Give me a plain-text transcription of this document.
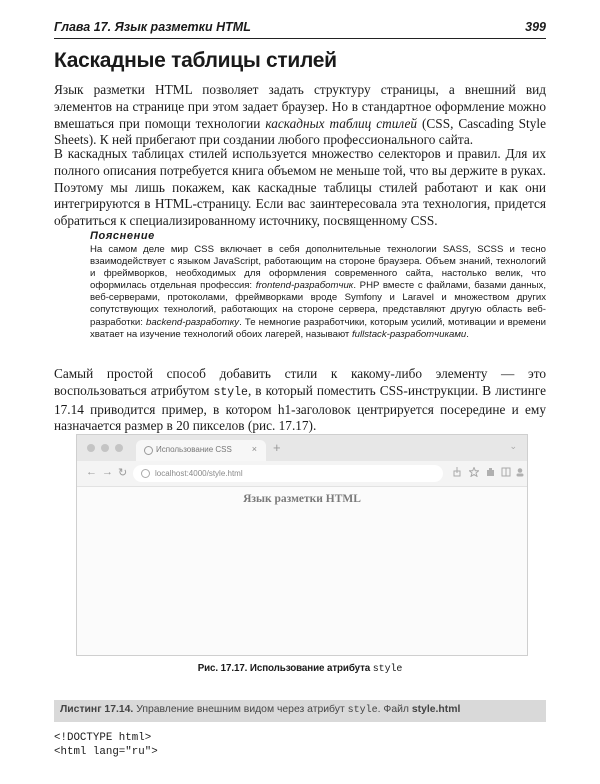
Глава 17. Язык разметки HTML	399
Каскадные таблицы стилей

Язык разметки HTML позволяет задать структуру страницы, а внешний вид элементов на странице при этом задает браузер. Но в стандартное оформление можно вмешаться при помощи технологии каскадных таблиц стилей (CSS, Cascading Style Sheets). К ней прибегают при создании любого профессионального сайта.

В каскадных таблицах стилей используется множество селекторов и правил. Для их полного описания потребуется книга объемом не меньше той, что вы держите в руках. Поэтому мы лишь покажем, как каскадные таблицы стилей работают и как они интегрируются в HTML-страницу. Если вас заинтересовала эта технология, придется обратиться к специализированному источнику, посвященному CSS.

Пояснение

На самом деле мир CSS включает в себя дополнительные технологии SASS, SCSS и тесно взаимодействует с языком JavaScript, работающим на стороне браузера. Объем знаний, технологий и фреймворков, необходимых для оформления современного сайта, настолько велик, что оформилась отдельная профессия: frontend-разработчик. PHP вместе с файлами, базами данных, веб-серверами, протоколами, фреймворками вроде Symfony и Laravel и множеством других сопутствующих технологий, работающих на стороне сервера, представляют другую область веб-разработки: backend-разработку. Те немногие разработчики, которым усилий, мотивации и времени хватает на изучение технологий обоих лагерей, называют fullstack-разработчиками.

Самый простой способ добавить стили к какому-либо элементу — это воспользоваться атрибутом style, в который поместить CSS-инструкции. В листинге 17.14 приводится пример, в котором h1-заголовок центрируется посередине и ему назначается размер в 20 пикселов (рис. 17.17).

Использование CSS × +	⌄
← → ↻	localhost:4000/style.html
Язык разметки HTML
Рис. 17.17. Использование атрибута style
Листинг 17.14. Управление внешним видом через атрибут style. Файл style.html
<!DOCTYPE html>
<html lang="ru">
